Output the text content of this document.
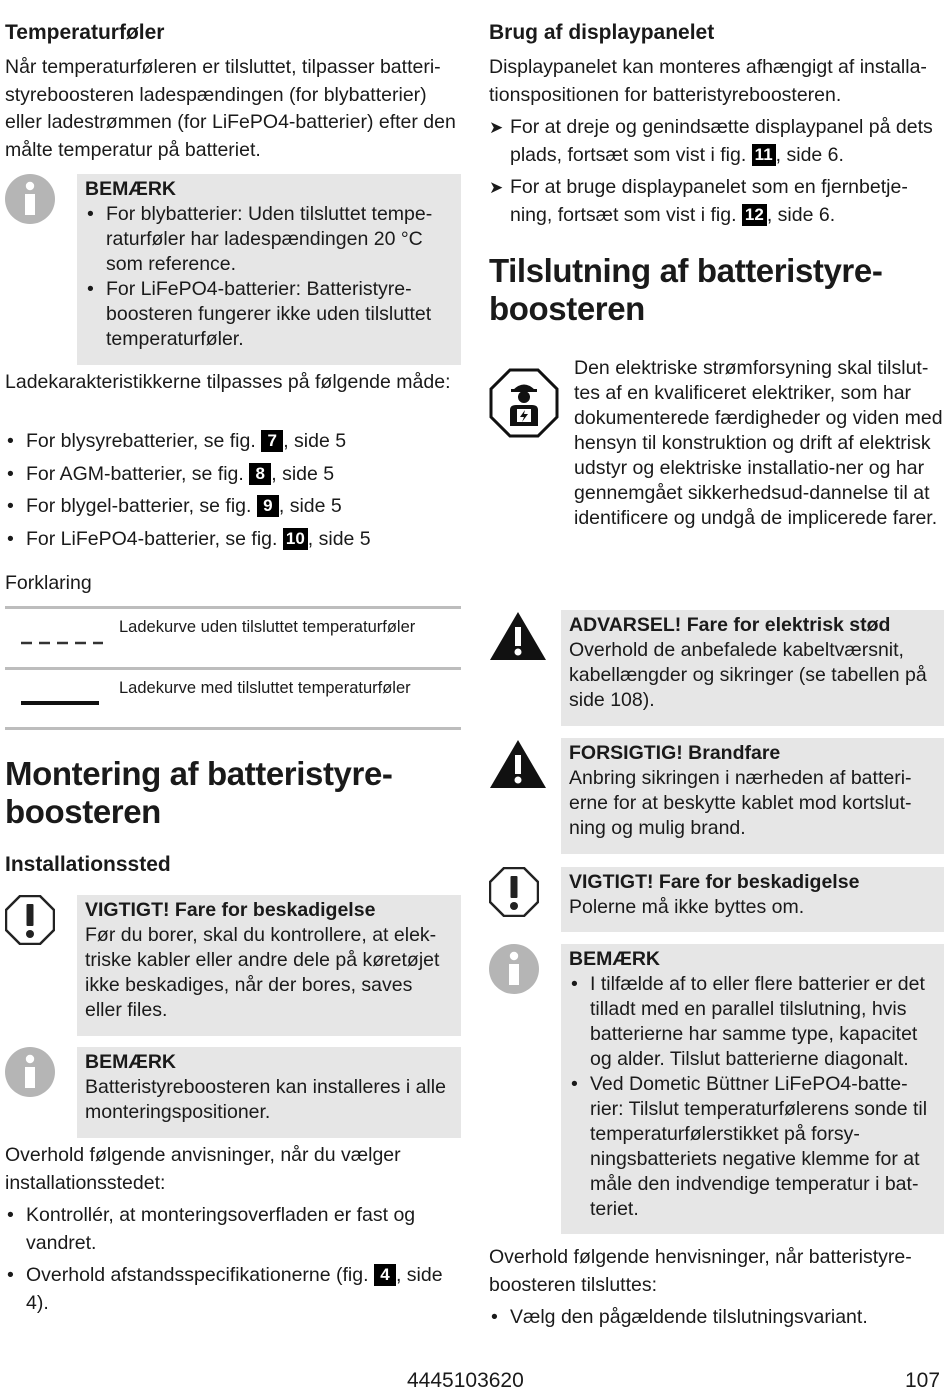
Temperaturføler
Når temperaturføleren er tilsluttet, tilpasser batteri-styreboosteren ladespændingen (for blybatterier) eller ladestrømmen (for LiFePO4-batterier) efter den målte temperatur på batteriet.
BEMÆRK
• For blybatterier: Uden tilsluttet tempe-raturføler har ladespændingen 20 °C som reference.
• For LiFePO4-batterier: Batteristyre-boosteren fungerer ikke uden tilsluttet temperaturføler.
Ladekarakteristikkerne tilpasses på følgende måde:
• For blysyrebatterier, se fig. 7 , side 5
• For AGM-batterier, se fig. 8 , side 5
• For blygel-batterier, se fig. 9 , side 5
• For LiFePO4-batterier, se fig. 10 , side 5
Forklaring
Ladekurve uden tilsluttet temperaturføler
Ladekurve med tilsluttet temperaturføler
Montering af batteristyre-boosteren
Installationssted
VIGTIGT! Fare for beskadigelse
Før du borer, skal du kontrollere, at elek-triske kabler eller andre dele på køretøjet ikke beskadiges, når der bores, saves eller files.
BEMÆRK
Batteristyreboosteren kan installeres i alle monteringspositioner.
Overhold følgende anvisninger, når du vælger installationsstedet:
• Kontrollér, at monteringsoverfladen er fast og vandret.
• Overhold afstandsspecifikationerne (fig. 4 , side 4).
Brug af displaypanelet
Displaypanelet kan monteres afhængigt af installa-tionspositionen for batteristyreboosteren.
➤ For at dreje og genindsætte displaypanel på dets plads, fortsæt som vist i fig. 11 , side 6.
➤ For at bruge displaypanelet som en fjernbetje-ning, fortsæt som vist i fig. 12 , side 6.
Tilslutning af batteristyre-boosteren
Den elektriske strømforsyning skal tilslut-tes af en kvalificeret elektriker, som har dokumenterede færdigheder og viden med hensyn til konstruktion og drift af elektrisk udstyr og elektriske installatio-ner og har gennemgået sikkerhedsud-dannelse til at identificere og undgå de implicerede farer.
ADVARSEL! Fare for elektrisk stød
Overhold de anbefalede kabeltværsnit, kabellængder og sikringer (se tabellen på side 108).
FORSIGTIG! Brandfare
Anbring sikringen i nærheden af batteri-erne for at beskytte kablet mod kortslut-ning og mulig brand.
VIGTIGT! Fare for beskadigelse
Polerne må ikke byttes om.
BEMÆRK
• I tilfælde af to eller flere batterier er det tilladt med en parallel tilslutning, hvis batterierne har samme type, kapacitet og alder. Tilslut batterierne diagonalt.
• Ved Dometic Büttner LiFePO4-batte-rier: Tilslut temperaturfølerens sonde til temperaturfølerstikket på forsy-ningsbatteriets negative klemme for at måle den indvendige temperatur i bat-teriet.
Overhold følgende henvisninger, når batteristyre-boosteren tilsluttes:
• Vælg den pågældende tilslutningsvariant.
4445103620	107
